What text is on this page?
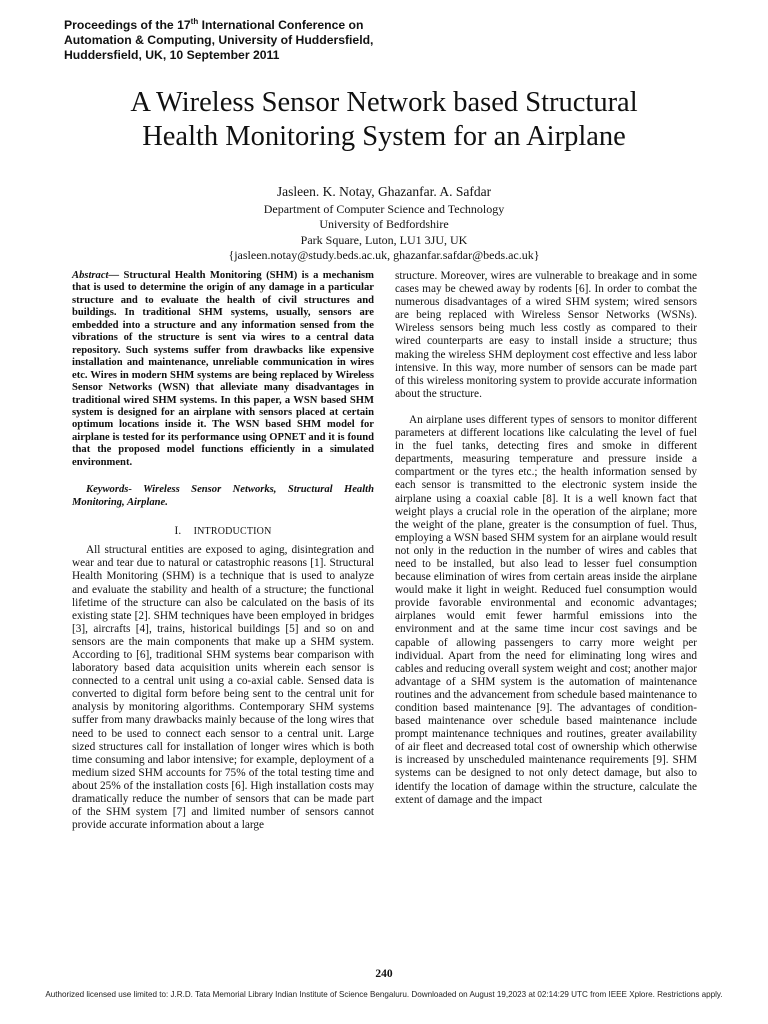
Proceedings of the 17th International Conference on
Automation & Computing, University of Huddersfield,
Huddersfield, UK, 10 September 2011
A Wireless Sensor Network based Structural
Health Monitoring System for an Airplane
Jasleen. K. Notay, Ghazanfar. A. Safdar
Department of Computer Science and Technology
University of Bedfordshire
Park Square, Luton, LU1 3JU, UK
{jasleen.notay@study.beds.ac.uk, ghazanfar.safdar@beds.ac.uk}

Abstract— Structural Health Monitoring (SHM) is a mechanism that is used to determine the origin of any damage in a particular structure and to evaluate the health of civil structures and buildings. In traditional SHM systems, usually, sensors are embedded into a structure and any information sensed from the vibrations of the structure is sent via wires to a central data repository. Such systems suffer from drawbacks like expensive installation and maintenance, unreliable communication in wires etc. Wires in modern SHM systems are being replaced by Wireless Sensor Networks (WSN) that alleviate many disadvantages in traditional wired SHM systems. In this paper, a WSN based SHM system is designed for an airplane with sensors placed at certain optimum locations inside it. The WSN based SHM model for airplane is tested for its performance using OPNET and it is found that the proposed model functions efficiently in a simulated environment.

Keywords- Wireless Sensor Networks, Structural Health Monitoring, Airplane.

I. INTRODUCTION

All structural entities are exposed to aging, disintegration and wear and tear due to natural or catastrophic reasons [1]. Structural Health Monitoring (SHM) is a technique that is used to analyze and evaluate the stability and health of a structure; the functional lifetime of the structure can also be calculated on the basis of its existing state [2]. SHM techniques have been employed in bridges [3], aircrafts [4], trains, historical buildings [5] and so on and sensors are the main components that make up a SHM system. According to [6], traditional SHM systems bear comparison with laboratory based data acquisition units wherein each sensor is connected to a central unit using a co-axial cable. Sensed data is converted to digital form before being sent to the central unit for analysis by monitoring algorithms. Contemporary SHM systems suffer from many drawbacks mainly because of the long wires that need to be used to connect each sensor to a central unit. Large sized structures call for installation of longer wires which is both time consuming and labor intensive; for example, deployment of a medium sized SHM accounts for 75% of the total testing time and about 25% of the installation costs [6]. High installation costs may dramatically reduce the number of sensors that can be made part of the SHM system [7] and limited number of sensors cannot provide accurate information about a large

structure. Moreover, wires are vulnerable to breakage and in some cases may be chewed away by rodents [6]. In order to combat the numerous disadvantages of a wired SHM system; wired sensors are being replaced with Wireless Sensor Networks (WSNs). Wireless sensors being much less costly as compared to their wired counterparts are easy to install inside a structure; thus making the wireless SHM deployment cost effective and less labor intensive. In this way, more number of sensors can be made part of this wireless monitoring system to provide accurate information about the structure.

An airplane uses different types of sensors to monitor different parameters at different locations like calculating the level of fuel in the fuel tanks, detecting fires and smoke in different departments, measuring temperature and pressure inside a compartment or the tyres etc.; the health information sensed by each sensor is transmitted to the electronic system inside the airplane using a coaxial cable [8]. It is a well known fact that weight plays a crucial role in the operation of the airplane; more the weight of the plane, greater is the consumption of fuel. Thus, employing a WSN based SHM system for an airplane would result not only in the reduction in the number of wires and cables that need to be installed, but also lead to lesser fuel consumption because elimination of wires from certain areas inside the airplane would make it light in weight. Reduced fuel consumption would provide favorable environmental and economic advantages; airplanes would emit fewer harmful emissions into the environment and at the same time incur cost savings and be capable of allowing passengers to carry more weight per individual. Apart from the need for eliminating long wires and cables and reducing overall system weight and cost; another major advantage of a SHM system is the automation of maintenance routines and the advancement from schedule based maintenance to condition based maintenance [9]. The advantages of condition-based maintenance over schedule based maintenance include prompt maintenance techniques and routines, greater availability of air fleet and decreased total cost of ownership which otherwise is increased by unscheduled maintenance requirements [9]. SHM systems can be designed to not only detect damage, but also to identify the location of damage within the structure, calculate the extent of damage and the impact

240
Authorized licensed use limited to: J.R.D. Tata Memorial Library Indian Institute of Science Bengaluru. Downloaded on August 19,2023 at 02:14:29 UTC from IEEE Xplore. Restrictions apply.
